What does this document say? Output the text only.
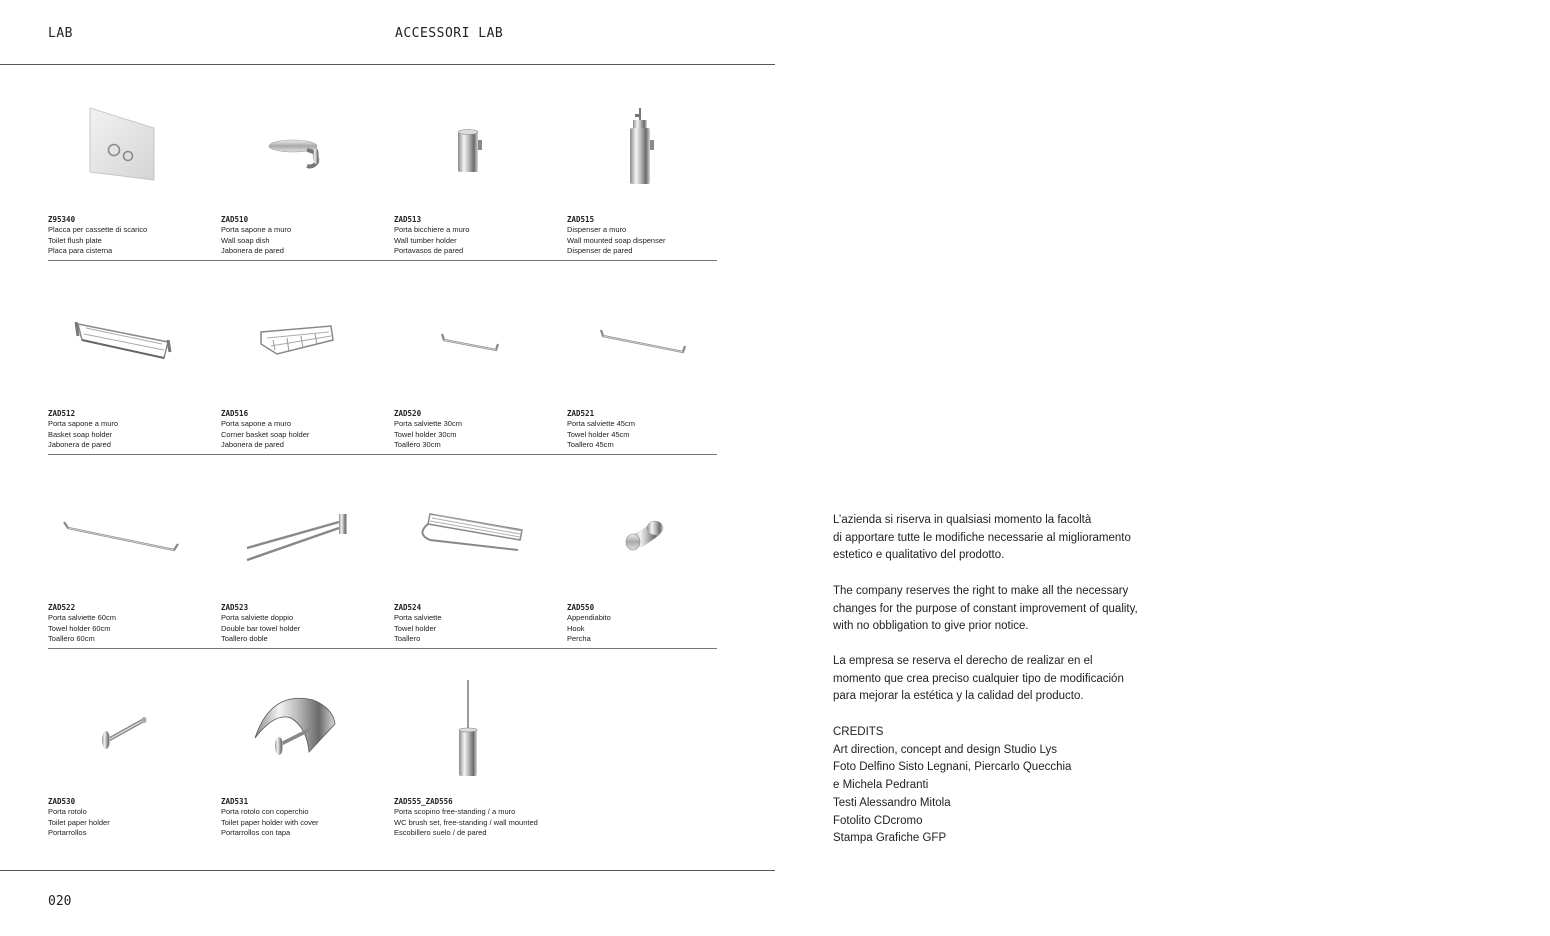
LAB	ACCESSORI LAB
Z95340
Placca per cassette di scarico
Toilet flush plate
Placa para cisterna
ZAD510
Porta sapone a muro
Wall soap dish
Jabonera de pared
ZAD513
Porta bicchiere a muro
Wall tumber holder
Portavasos de pared
ZAD515
Dispenser a muro
Wall mounted soap dispenser
Dispenser de pared
ZAD512
Porta sapone a muro
Basket soap holder
Jabonera de pared
ZAD516
Porta sapone a muro
Corner basket soap holder
Jabonera de pared
ZAD520
Porta salviette 30cm
Towel holder 30cm
Toallero 30cm
ZAD521
Porta salviette 45cm
Towel holder 45cm
Toallero 45cm
ZAD522
Porta salviette 60cm
Towel holder 60cm
Toallero 60cm
ZAD523
Porta salviette doppio
Double bar towel holder
Toallero doble
ZAD524
Porta salviette
Towel holder
Toallero
ZAD550
Appendiabito
Hook
Percha
ZAD530
Porta rotolo
Toilet paper holder
Portarrollos
ZAD531
Porta rotolo con coperchio
Toilet paper holder with cover
Portarrollos con tapa
ZAD555_ZAD556
Porta scopino free-standing / a muro
WC brush set, free-standing / wall mounted
Escobillero suelo / de pared

L’azienda si riserva in qualsiasi momento la facoltà

di apportare tutte le modifiche necessarie al miglioramento

estetico e qualitativo del prodotto.

The company reserves the right to make all the necessary

changes for the purpose of constant improvement of quality,

with no obbligation to give prior notice.

La empresa se reserva el derecho de realizar en el

momento que crea preciso cualquier tipo de modificación

para mejorar la estética y la calidad del producto.

CREDITS

Art direction, concept and design Studio Lys

Foto Delfino Sisto Legnani, Piercarlo Quecchia

e Michela Pedranti

Testi Alessandro Mitola

Fotolito CDcromo

Stampa Grafiche GFP

020
